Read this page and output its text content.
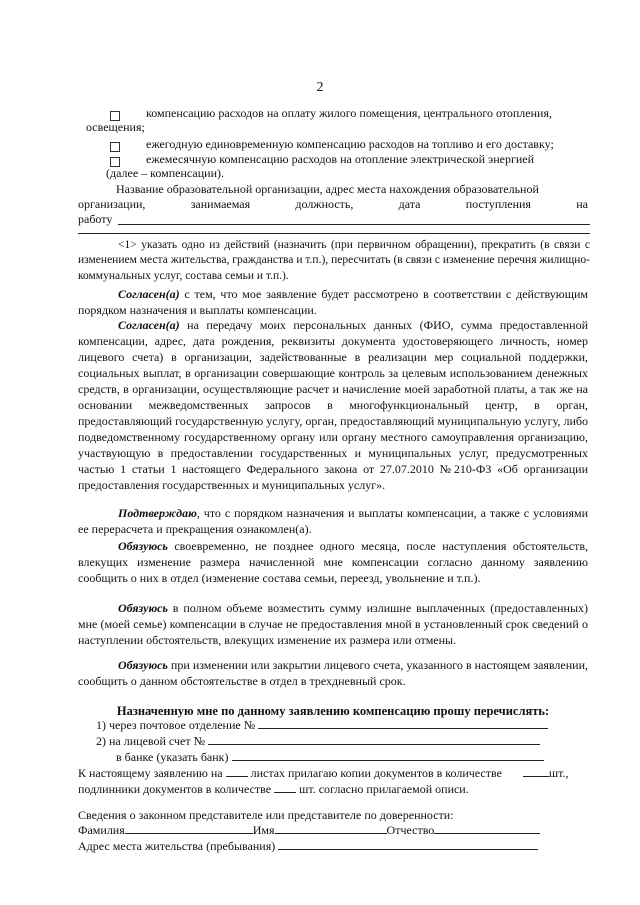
2
компенсацию расходов на оплату жилого помещения, центрального отопления,
освещения;
ежегодную единовременную компенсацию расходов на топливо и его доставку;
ежемесячную компенсацию расходов на отопление электрической энергией
(далее – компенсации).
Название образовательной организации, адрес места нахождения образовательной
организации,	занимаемая	должность,	дата	поступления	на
работу
<1> указать одно из действий (назначить (при первичном обращении), прекратить (в связи с изменением места жительства, гражданства и т.п.), пересчитать (в связи с изменение перечня жилищно-коммунальных услуг, состава семьи и т.п.).
Согласен(а) с тем, что мое заявление будет рассмотрено в соответствии с действующим порядком назначения и выплаты компенсации.
Согласен(а) на передачу моих персональных данных (ФИО, сумма предоставленной компенсации, адрес, дата рождения, реквизиты документа удостоверяющего личность, номер лицевого счета) в организации, задействованные в реализации мер социальной поддержки, социальных выплат, в организации совершающие контроль за целевым использованием денежных средств, в организации, осуществляющие расчет и начисление моей заработной платы, а так же на основании межведомственных запросов в многофункциональный центр, в орган, предоставляющий государственную услугу, орган, предоставляющий муниципальную услугу, либо подведомственному государственному органу или органу местного самоуправления организацию, участвующую в предоставлении государственных и муниципальных услуг, предусмотренных частью 1 статьи 1 настоящего Федерального закона от 27.07.2010 №210-ФЗ «Об организации предоставления государственных и муниципальных услуг».
Подтверждаю, что с порядком назначения и выплаты компенсации, а также с условиями ее перерасчета и прекращения ознакомлен(а).
Обязуюсь своевременно, не позднее одного месяца, после наступления обстоятельств, влекущих изменение размера начисленной мне компенсации согласно данному заявлению сообщить о них в отдел (изменение состава семьи, переезд, увольнение и т.п.).
Обязуюсь в полном объеме возместить сумму излишне выплаченных (предоставленных) мне (моей семье) компенсации в случае не предоставления мной в установленный срок сведений о наступлении обстоятельств, влекущих изменение их размера или отмены.
Обязуюсь при изменении или закрытии лицевого счета, указанного в настоящем заявлении, сообщить о данном обстоятельстве в отдел в трехдневный срок.
Назначенную мне по данному заявлению компенсацию прошу перечислять:
1) через почтовое отделение №
2) на лицевой счет №
в банке (указать банк)
К настоящему заявлению на листах прилагаю копии документов в количестве	шт.,
подлинники документов в количестве шт. согласно прилагаемой описи.
Сведения о законном представителе или представителе по доверенности:
Фамилия	Имя	Отчество
Адрес места жительства (пребывания)
